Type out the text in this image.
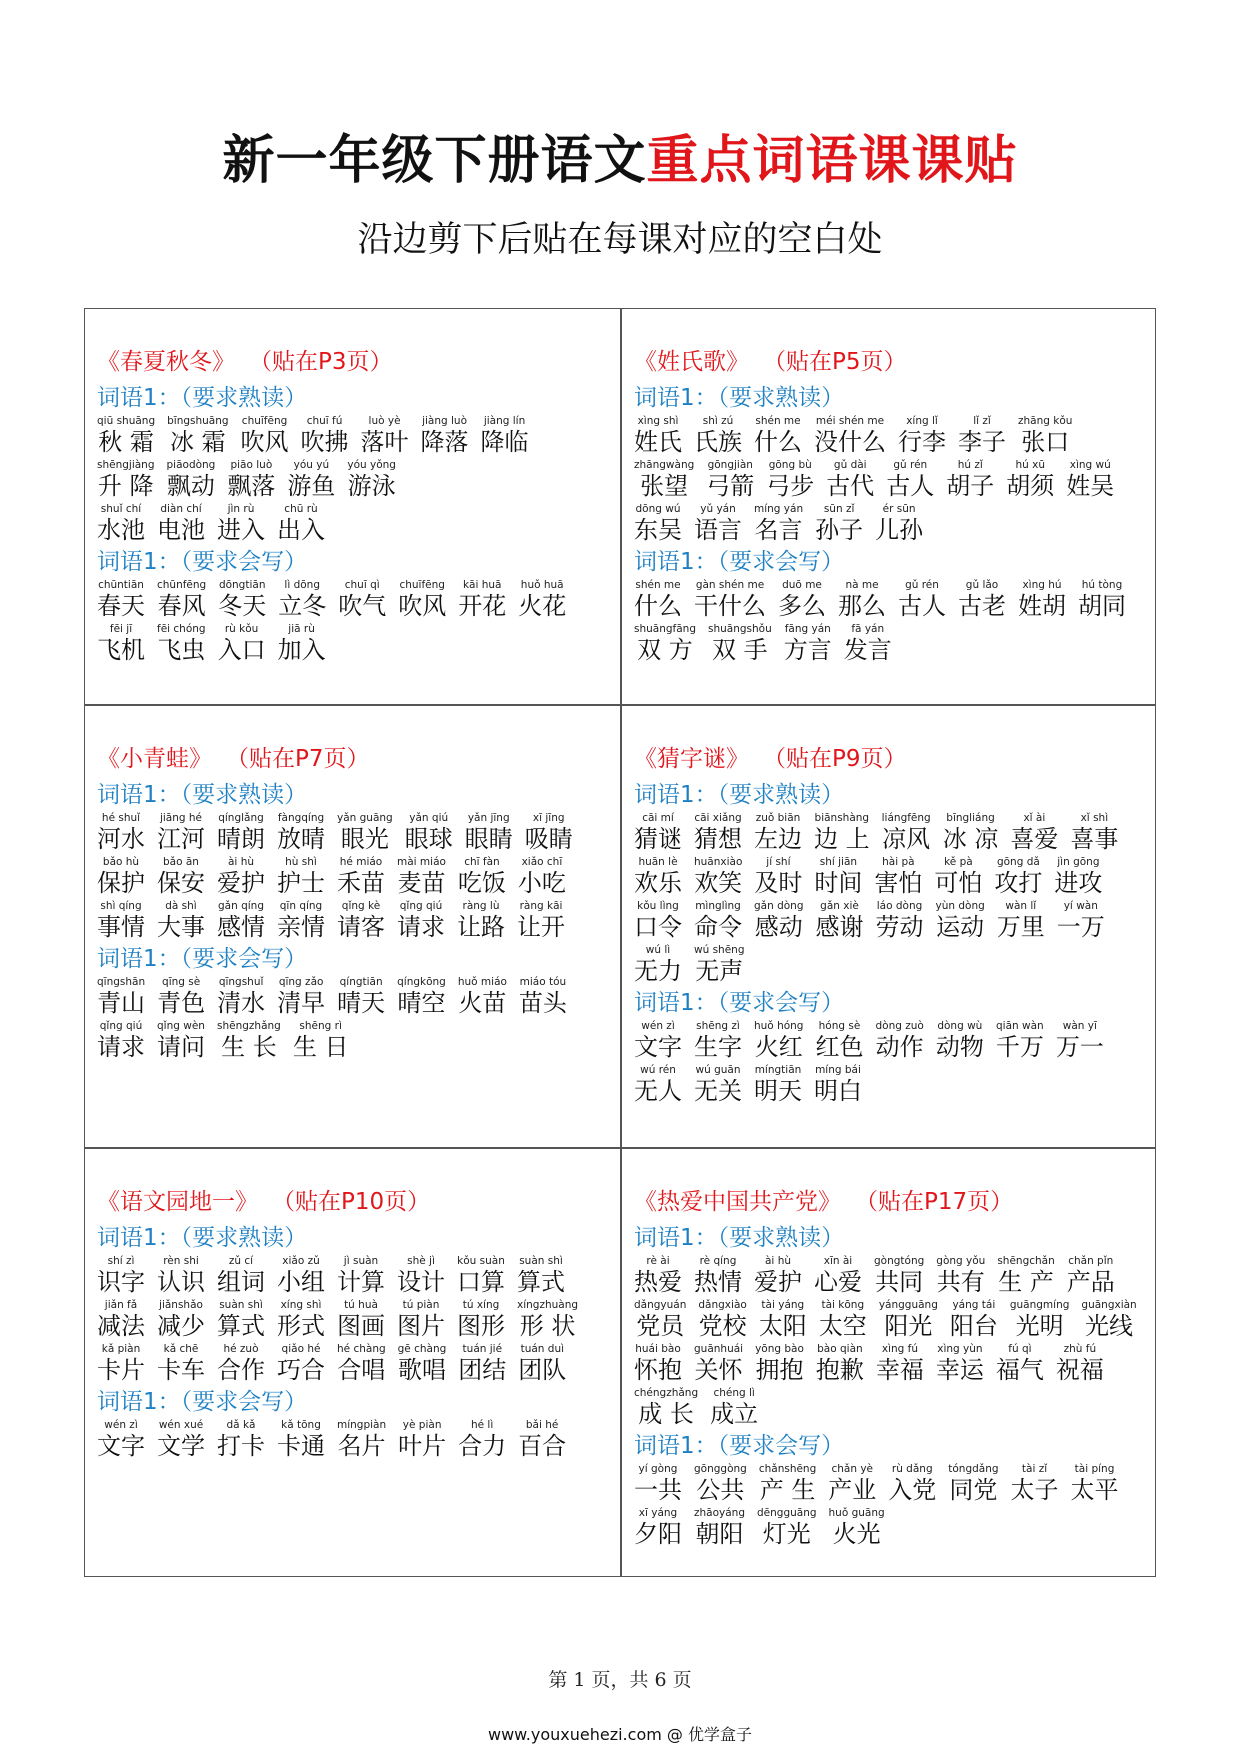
新一年级下册语文重点词语课课贴
沿边剪下后贴在每课对应的空白处
《春夏秋冬》 （贴在P3页）
词语1：（要求熟读）
qiū shuāng
秋 霜
bīngshuāng
冰 霜
chuīfēng
吹风
chuī fú
吹拂
luò yè
落叶
jiàng luò
降落
jiàng lín
降临
shēngjiàng
升 降
piāodòng
飘动
piāo luò
飘落
yóu yú
游鱼
yóu yǒng
游泳
shuǐ chí
水池
diàn chí
电池
jìn rù
进入
chū rù
出入
词语1：（要求会写）
chūntiān
春天
chūnfēng
春风
dōngtiān
冬天
lì dōng
立冬
chuī qì
吹气
chuīfēng
吹风
kāi huā
开花
huǒ huā
火花
fēi jī
飞机
fēi chóng
飞虫
rù kǒu
入口
jiā rù
加入
《姓氏歌》 （贴在P5页）
词语1：（要求熟读）
xìng shì
姓氏
shì zú
氏族
shén me
什么
méi shén me
没什么
xíng lǐ
行李
lǐ zǐ
李子
zhāng kǒu
张口
zhāngwàng
张望
gōngjiàn
弓箭
gōng bù
弓步
gǔ dài
古代
gǔ rén
古人
hú zǐ
胡子
hú xū
胡须
xìng wú
姓吴
dōng wú
东吴
yǔ yán
语言
míng yán
名言
sūn zǐ
孙子
ér sūn
儿孙
词语1：（要求会写）
shén me
什么
gàn shén me
干什么
duō me
多么
nà me
那么
gǔ rén
古人
gǔ lǎo
古老
xìng hú
姓胡
hú tòng
胡同
shuāngfāng
双 方
shuāngshǒu
双 手
fāng yán
方言
fā yán
发言
《小青蛙》 （贴在P7页）
词语1：（要求熟读）
hé shuǐ
河水
jiāng hé
江河
qínglǎng
晴朗
fàngqíng
放晴
yǎn guāng
眼光
yǎn qiú
眼球
yǎn jīng
眼睛
xī jīng
吸睛
bǎo hù
保护
bǎo ān
保安
ài hù
爱护
hù shì
护士
hé miáo
禾苗
mài miáo
麦苗
chī fàn
吃饭
xiǎo chī
小吃
shì qíng
事情
dà shì
大事
gǎn qíng
感情
qīn qíng
亲情
qǐng kè
请客
qǐng qiú
请求
ràng lù
让路
ràng kāi
让开
词语1：（要求会写）
qīngshān
青山
qīng sè
青色
qīngshuǐ
清水
qīng zǎo
清早
qíngtiān
晴天
qíngkōng
晴空
huǒ miáo
火苗
miáo tóu
苗头
qǐng qiú
请求
qǐng wèn
请问
shēngzhǎng
生 长
shēng rì
生 日
《猜字谜》 （贴在P9页）
词语1：（要求熟读）
cāi mí
猜谜
cāi xiǎng
猜想
zuǒ biān
左边
biānshàng
边 上
liángfēng
凉风
bīngliáng
冰 凉
xǐ ài
喜爱
xǐ shì
喜事
huān lè
欢乐
huānxiào
欢笑
jí shí
及时
shí jiān
时间
hài pà
害怕
kě pà
可怕
gōng dǎ
攻打
jìn gōng
进攻
kǒu lìng
口令
mìnglìng
命令
gǎn dòng
感动
gǎn xiè
感谢
láo dòng
劳动
yùn dòng
运动
wàn lǐ
万里
yí wàn
一万
wú lì
无力
wú shēng
无声
词语1：（要求会写）
wén zì
文字
shēng zì
生字
huǒ hóng
火红
hóng sè
红色
dòng zuò
动作
dòng wù
动物
qiān wàn
千万
wàn yī
万一
wú rén
无人
wú guān
无关
míngtiān
明天
míng bái
明白
《语文园地一》 （贴在P10页）
词语1：（要求熟读）
shí zì
识字
rèn shi
认识
zǔ cí
组词
xiǎo zǔ
小组
jì suàn
计算
shè jì
设计
kǒu suàn
口算
suàn shì
算式
jiǎn fǎ
减法
jiǎnshǎo
减少
suàn shì
算式
xíng shì
形式
tú huà
图画
tú piàn
图片
tú xíng
图形
xíngzhuàng
形 状
kǎ piàn
卡片
kǎ chē
卡车
hé zuò
合作
qiǎo hé
巧合
hé chàng
合唱
gē chàng
歌唱
tuán jié
团结
tuán duì
团队
词语1：（要求会写）
wén zì
文字
wén xué
文学
dǎ kǎ
打卡
kǎ tōng
卡通
míngpiàn
名片
yè piàn
叶片
hé lì
合力
bǎi hé
百合
《热爱中国共产党》 （贴在P17页）
词语1：（要求熟读）
rè ài
热爱
rè qíng
热情
ài hù
爱护
xīn ài
心爱
gòngtóng
共同
gòng yǒu
共有
shēngchǎn
生 产
chǎn pǐn
产品
dǎngyuán
党员
dǎngxiào
党校
tài yáng
太阳
tài kōng
太空
yángguāng
阳光
yáng tái
阳台
guāngmíng
光明
guāngxiàn
光线
huái bào
怀抱
guānhuái
关怀
yōng bào
拥抱
bào qiàn
抱歉
xìng fú
幸福
xìng yùn
幸运
fú qì
福气
zhù fú
祝福
chéngzhǎng
成 长
chéng lì
成立
词语1：（要求会写）
yí gòng
一共
gōnggòng
公共
chǎnshēng
产 生
chǎn yè
产业
rù dǎng
入党
tóngdǎng
同党
tài zǐ
太子
tài píng
太平
xī yáng
夕阳
zhāoyáng
朝阳
dēngguāng
灯光
huǒ guāng
火光
第 1 页，共 6 页
www.youxuehezi.com @ 优学盒子
